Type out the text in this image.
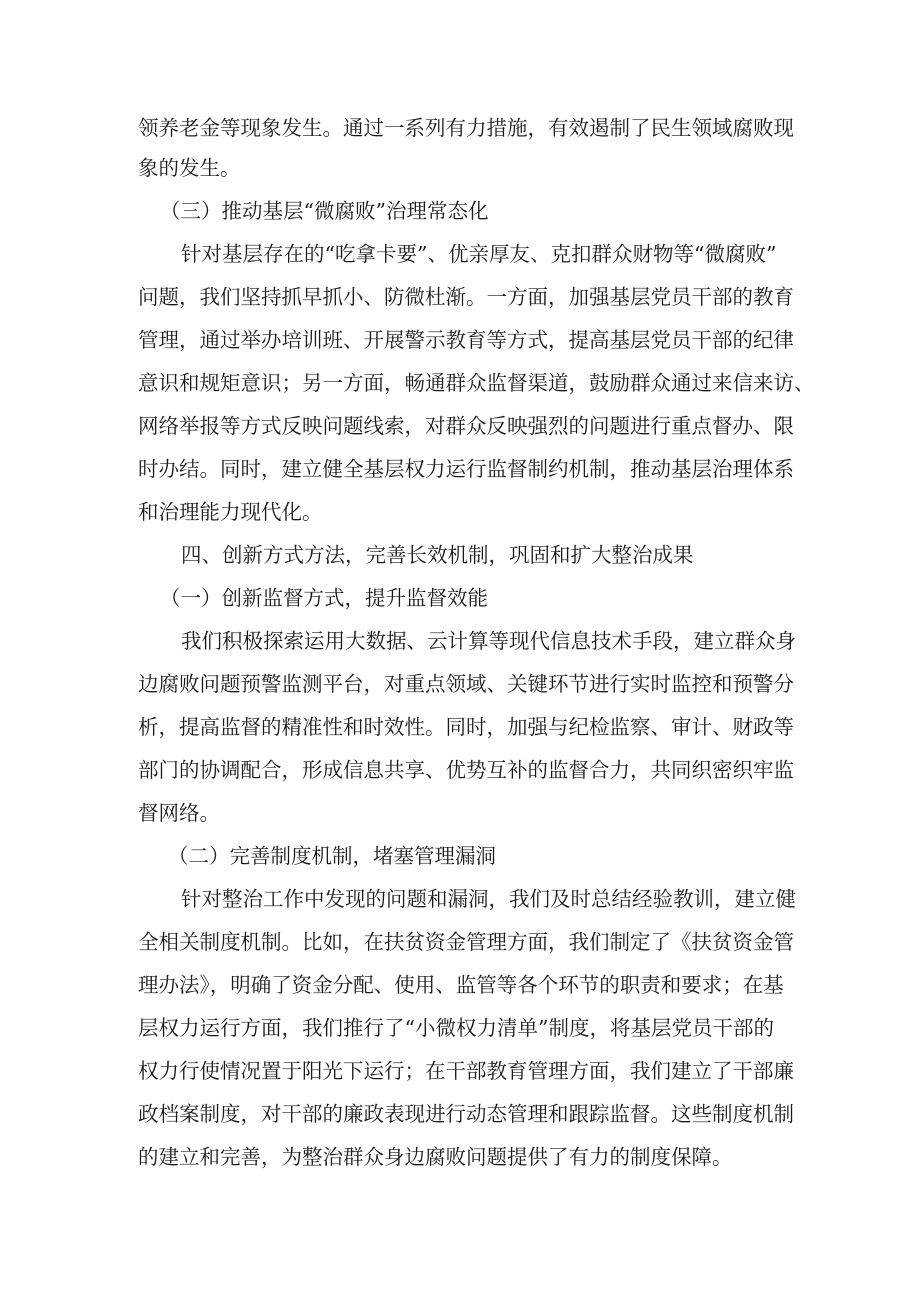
领养老金等现象发生。通过一系列有力措施，有效遏制了民生领域腐败现
象的发生。
（三）推动基层“微腐败”治理常态化
针对基层存在的“吃拿卡要”、优亲厚友、克扣群众财物等“微腐败”
问题，我们坚持抓早抓小、防微杜渐。一方面，加强基层党员干部的教育
管理，通过举办培训班、开展警示教育等方式，提高基层党员干部的纪律
意识和规矩意识；另一方面，畅通群众监督渠道，鼓励群众通过来信来访、
网络举报等方式反映问题线索，对群众反映强烈的问题进行重点督办、限
时办结。同时，建立健全基层权力运行监督制约机制，推动基层治理体系
和治理能力现代化。
四、创新方式方法，完善长效机制，巩固和扩大整治成果
（一）创新监督方式，提升监督效能
我们积极探索运用大数据、云计算等现代信息技术手段，建立群众身
边腐败问题预警监测平台，对重点领域、关键环节进行实时监控和预警分
析，提高监督的精准性和时效性。同时，加强与纪检监察、审计、财政等
部门的协调配合，形成信息共享、优势互补的监督合力，共同织密织牢监
督网络。
（二）完善制度机制，堵塞管理漏洞
针对整治工作中发现的问题和漏洞，我们及时总结经验教训，建立健
全相关制度机制。比如，在扶贫资金管理方面，我们制定了《扶贫资金管
理办法》，明确了资金分配、使用、监管等各个环节的职责和要求；在基
层权力运行方面，我们推行了“小微权力清单”制度，将基层党员干部的
权力行使情况置于阳光下运行；在干部教育管理方面，我们建立了干部廉
政档案制度，对干部的廉政表现进行动态管理和跟踪监督。这些制度机制
的建立和完善，为整治群众身边腐败问题提供了有力的制度保障。
